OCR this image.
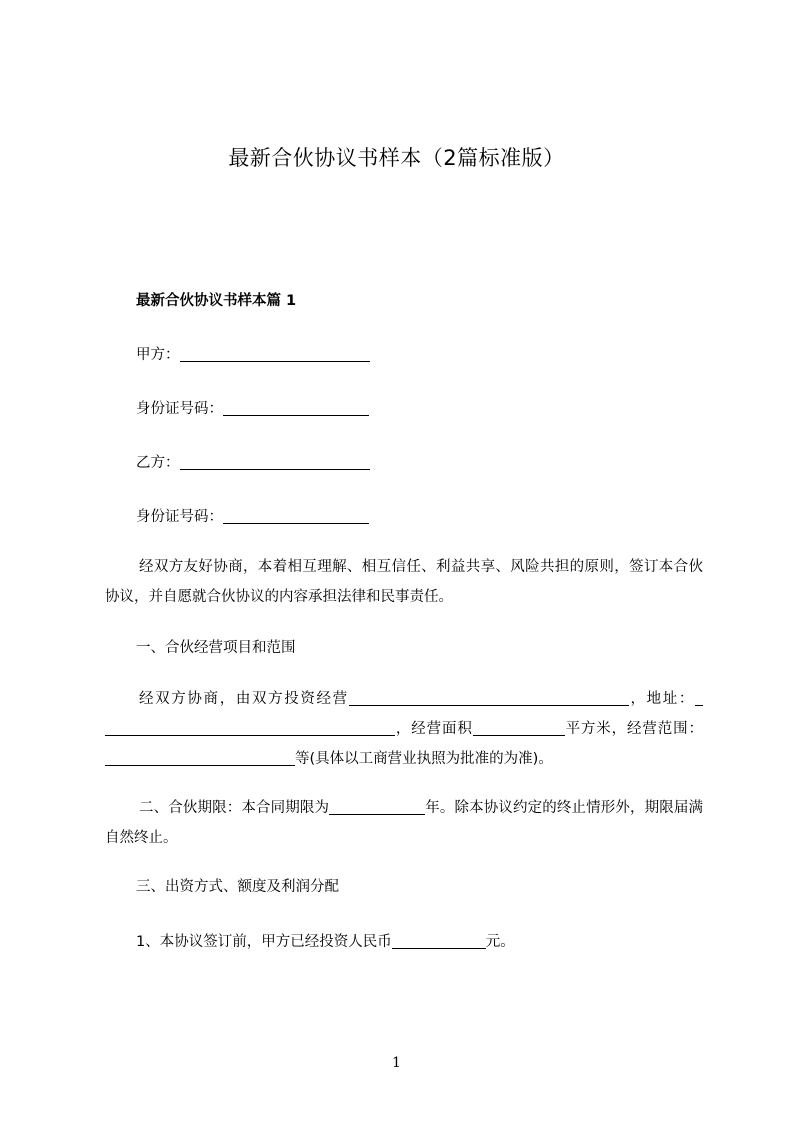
最新合伙协议书样本（2篇标准版）
最新合伙协议书样本篇 1
甲方：
身份证号码：
乙方：
身份证号码：
经双方友好协商，本着相互理解、相互信任、利益共享、风险共担的原则，签订本合伙协议，并自愿就合伙协议的内容承担法律和民事责任。
一、合伙经营项目和范围
经双方协商，由双方投资经营	，地址：，经营面积	平方米，经营范围：等(具体以工商营业执照为批准的为准)。
二、合伙期限：本合同期限为	年。除本协议约定的终止情形外，期限届满自然终止。
三、出资方式、额度及利润分配
1、本协议签订前，甲方已经投资人民币	元。
1
